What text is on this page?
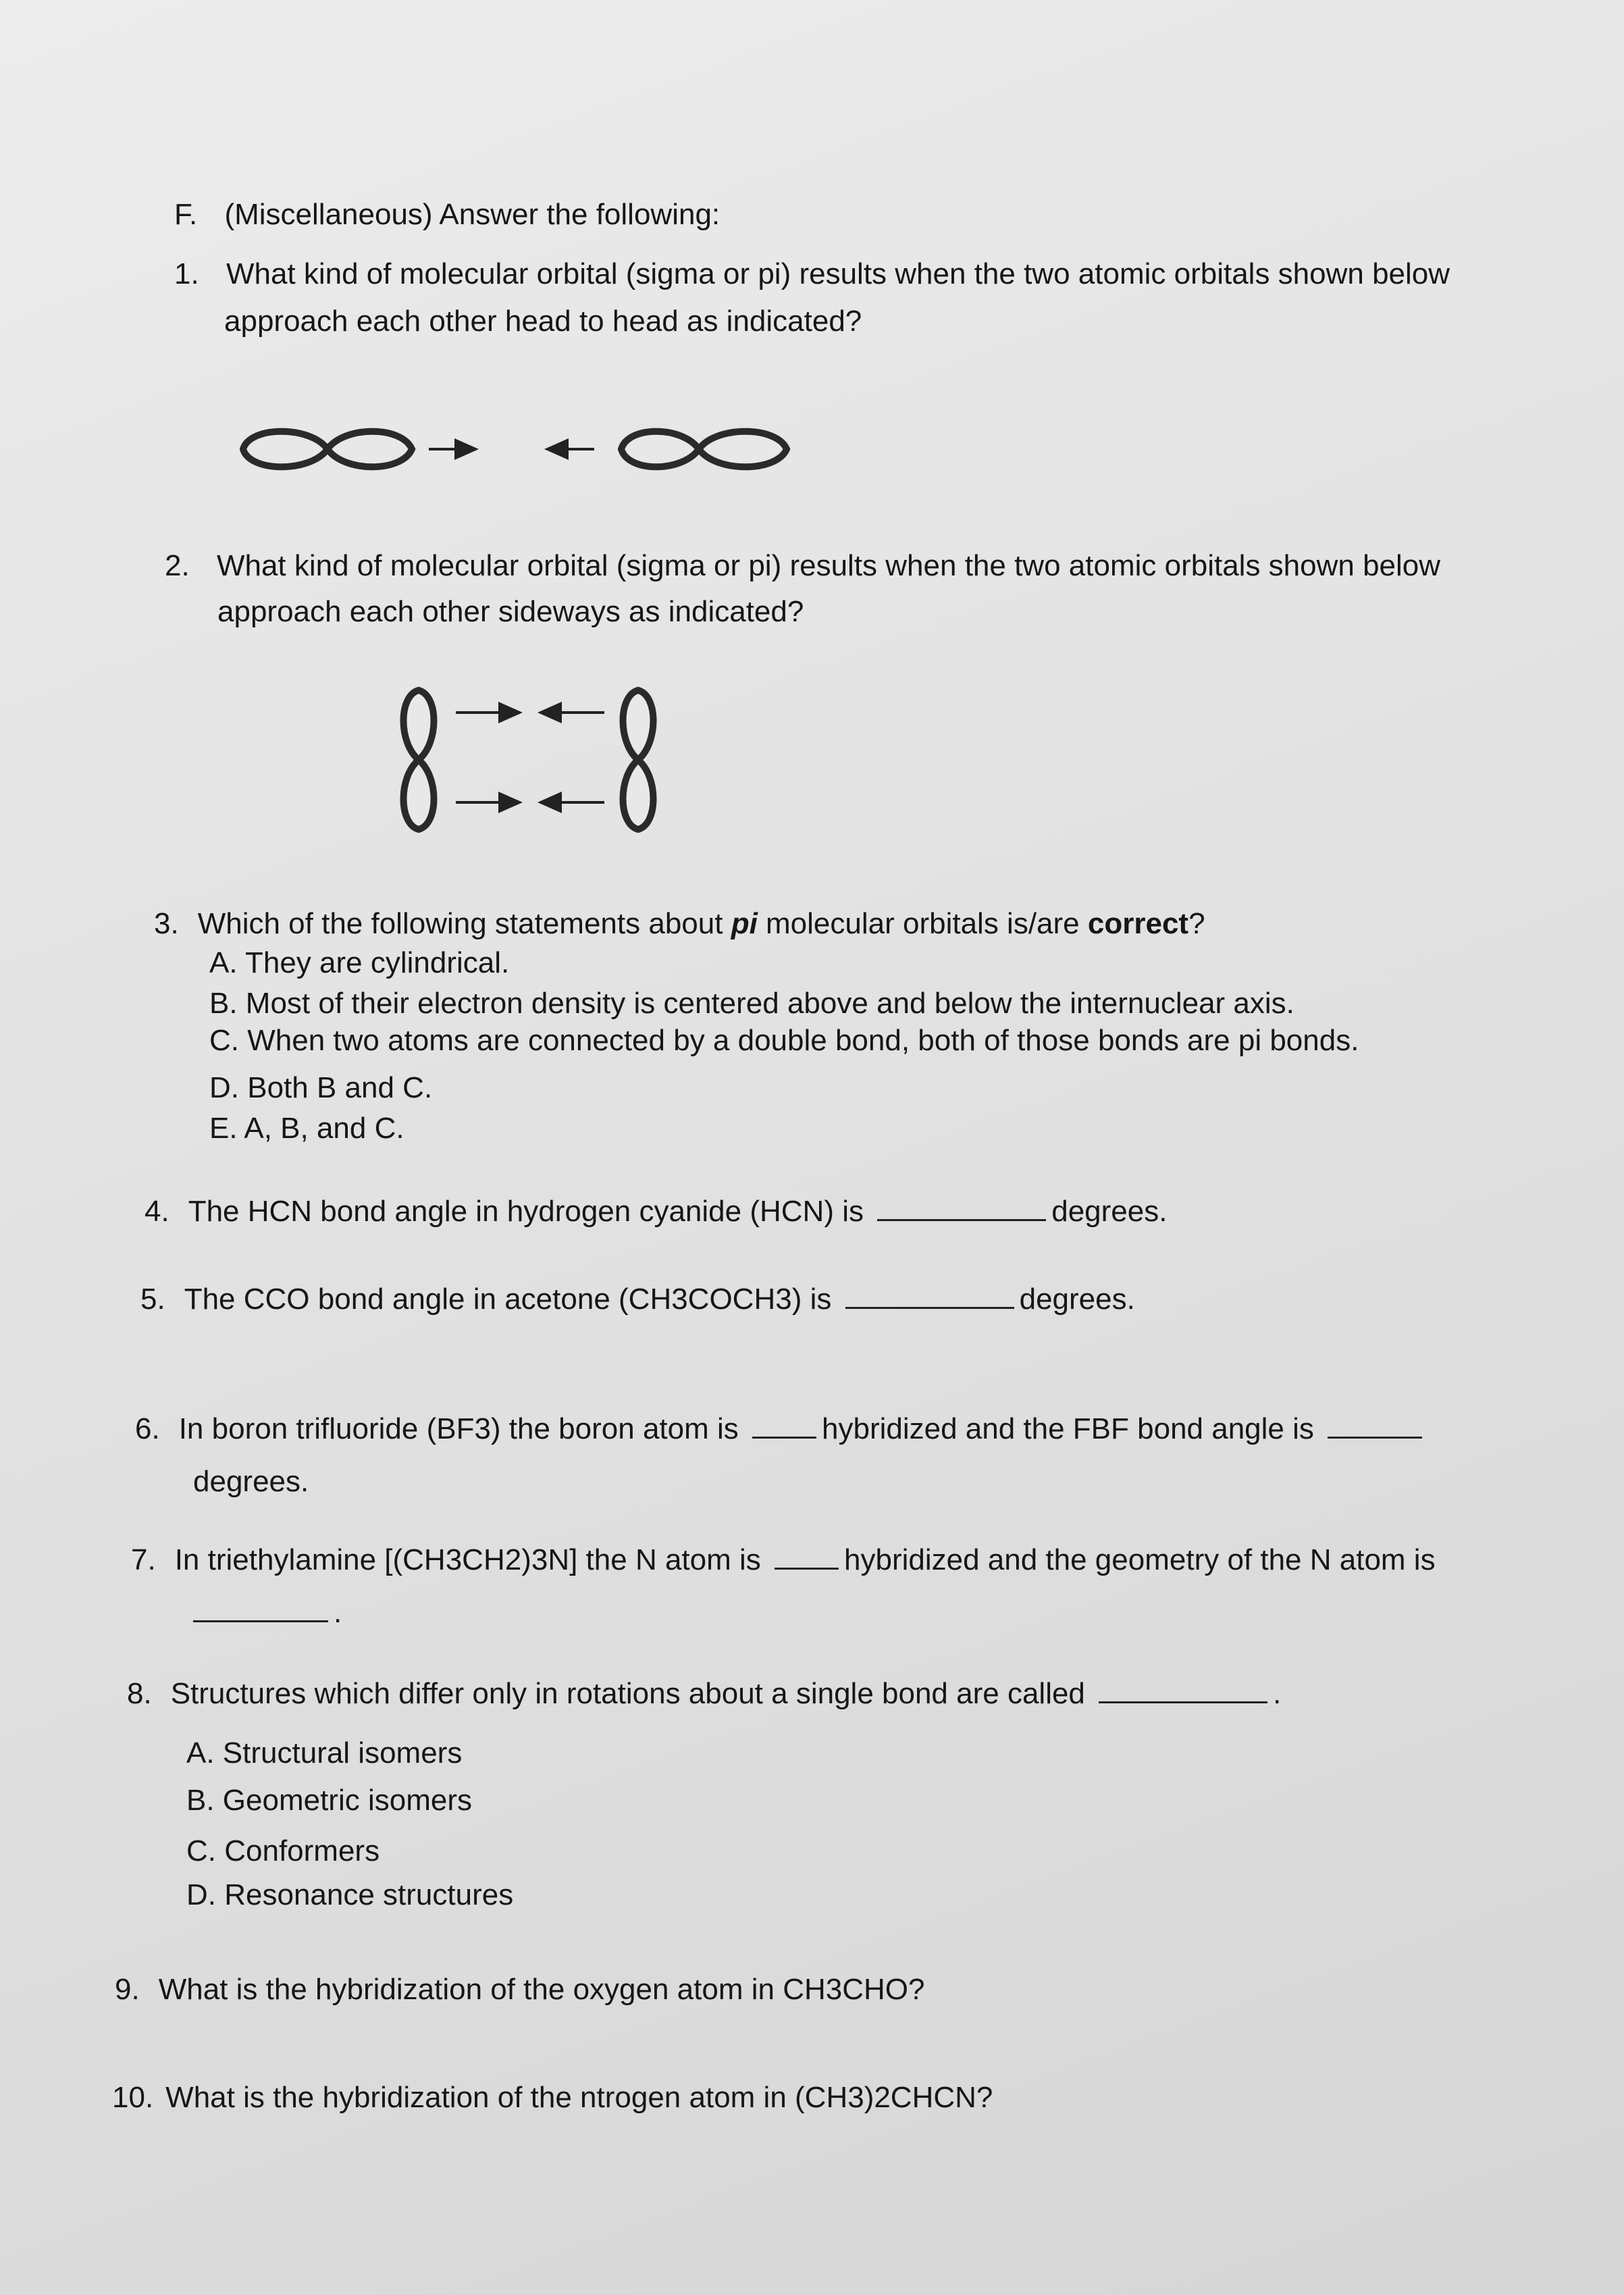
F. (Miscellaneous) Answer the following:
1. What kind of molecular orbital (sigma or pi) results when the two atomic orbitals shown below
approach each other head to head as indicated?
2. What kind of molecular orbital (sigma or pi) results when the two atomic orbitals shown below
approach each other sideways as indicated?
3. Which of the following statements about pi molecular orbitals is/are correct?
A. They are cylindrical.
B. Most of their electron density is centered above and below the internuclear axis.
C. When two atoms are connected by a double bond, both of those bonds are pi bonds.
D. Both B and C.
E. A, B, and C.
4. The HCN bond angle in hydrogen cyanide (HCN) is	degrees.
5. The CCO bond angle in acetone (CH3COCH3) is	degrees.
6. In boron trifluoride (BF3) the boron atom is	hybridized and the FBF bond angle is
degrees.
7. In triethylamine [(CH3CH2)3N] the N atom is	hybridized and the geometry of the N atom is
.
8. Structures which differ only in rotations about a single bond are called	.
A. Structural isomers
B. Geometric isomers
C. Conformers
D. Resonance structures
9. What is the hybridization of the oxygen atom in CH3CHO?
10. What is the hybridization of the ntrogen atom in (CH3)2CHCN?
